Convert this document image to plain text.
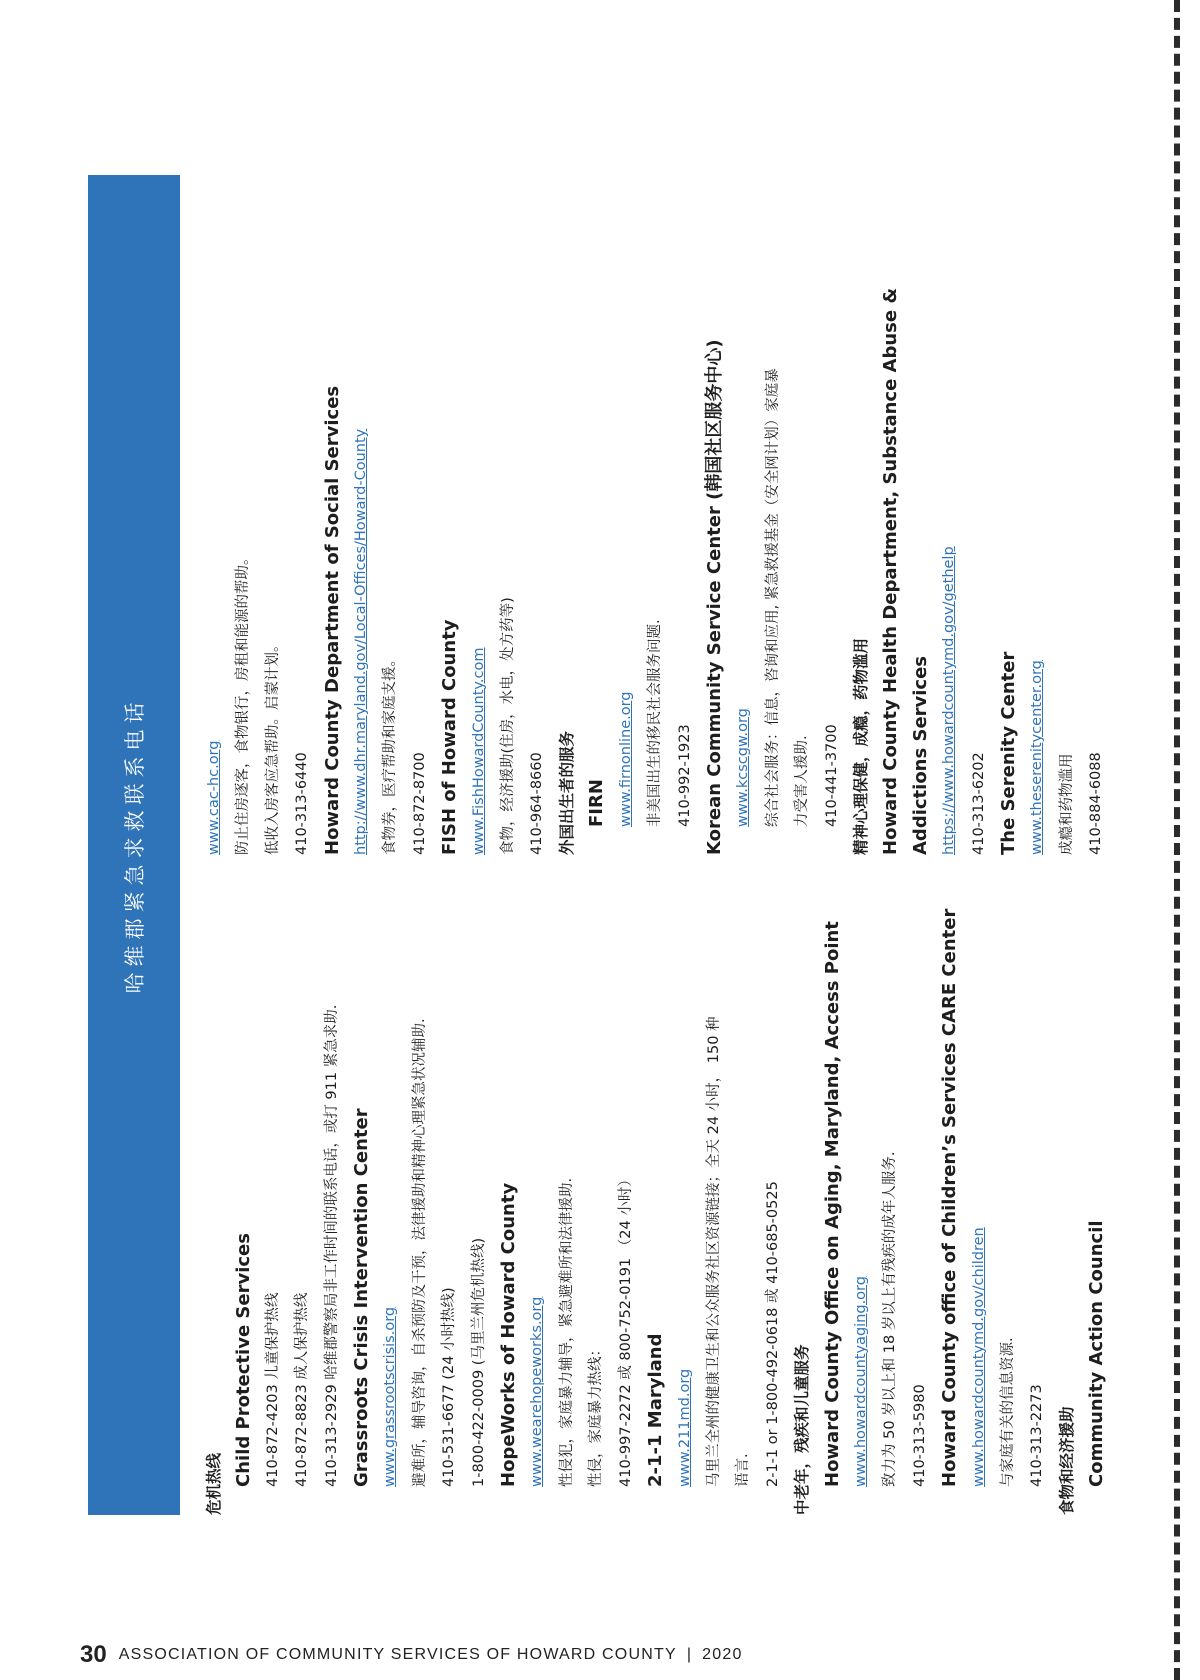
哈维郡紧急求救联系电话
危机热线 Child Protective Services 410-872-4203 儿童保护热线 410-872-8823 成人保护热线 410-313-2929 哈维郡警察局非工作时间的联系电话，或打 911 紧急求助. Grassroots Crisis Intervention Center www.grassrootscrisis.org 避难所，辅导咨询，自杀预防及干预，法律援助和精神心理紧急状况辅助. 410-531-6677 (24 小时热线) 1-800-422-0009 (马里兰州危机热线) HopeWorks of Howard County www.wearehopeworks.org 性侵犯，家庭暴力辅导，紧急避难所和法律援助. 性侵，家庭暴力热线： 410-997-2272 或 800-752-0191 （24 小时） 2-1-1 Maryland www.211md.org 马里兰全州的健康卫生和公众服务社区资源链接；全天 24 小时， 150 种 语言. 2-1-1 or 1-800-492-0618 或 410-685-0525 中老年，残疾和儿童服务 Howard County Office on Aging, Maryland, Access Point www.howardcountyaging.org 致力为 50 岁以上和 18 岁以上有残疾的成年人服务. 410-313-5980 Howard County office of Children’s Services CARE Center www.howardcountymd.gov/children 与家庭有关的信息资源. 410-313-2273 食物和经济援助 Community Action Council
www.cac-hc.org 防止住房逐客，食物银行，房租和能源的帮助。 低收入房客应急帮助。启蒙计划。 410-313-6440 Howard County Department of Social Services http://www.dhr.maryland.gov/Local-Offices/Howard-County 食物券，医疗帮助和家庭支援。 410-872-8700 FISH of Howard County www.FishHowardCounty.com 食物，经济援助(住房，水电，处方药等) 410-964-8660 外国出生者的服务 FIRN www.firnonline.org 非美国出生的移民社会服务问题. 410-992-1923 Korean Community Service Center (韩国社区服务中心) www.kcscgw.org 综合社会服务：信息，咨询和应用, 紧急救援基金（安全网计划）家庭暴 力受害人援助. 410-441-3700 精神心理保健，成瘾，药物滥用 Howard County Health Department, Substance Abuse & Addictions Services https://www.howardcountymd.gov/gethelp 410-313-6202 The Serenity Center www.theserenitycenter.org 成瘾和药物滥用 410-884-6088
30 ASSOCIATION OF COMMUNITY SERVICES OF HOWARD COUNTY | 2020
